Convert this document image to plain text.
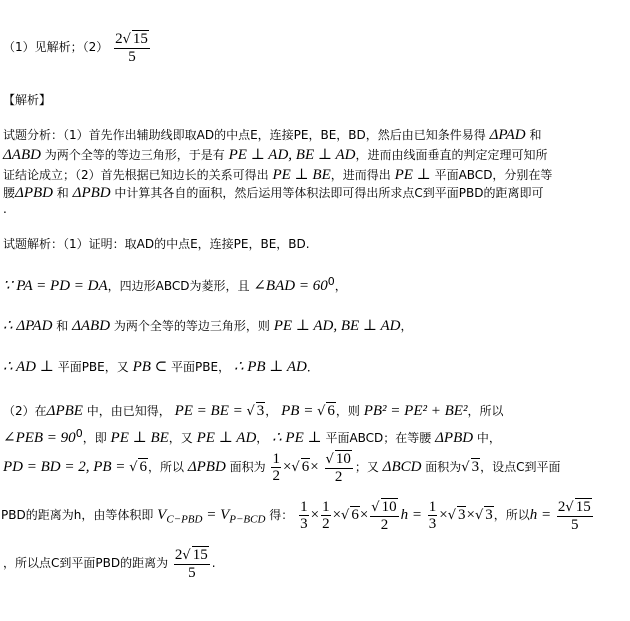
（1）见解析；$(2) \frac{2√ 15}{5}$
【解析】
试题分析：（1）首先作出辅助线即取AD的中点E，连接PE，BE，BD，然后由已知条件易得 ΔPAD 和
ΔABD 为两个全等的等边三角形，于是有 PE ⊥ AD, BE ⊥ AD，进而由线面垂直的判定定理可知所
证结论成立；（2）首先根据已知边长的关系可得出 PE ⊥ BE，进而得出 PE ⊥ 平面ABCD，分别在等
腰ΔPBD 和 ΔPBD 中计算其各自的面积，然后运用等体积法即可得出所求点C到平面PBD的距离即可
.
试题解析：（1）证明：取AD的中点E，连接PE，BE，BD.
∵ PA = PD = DA，四边形ABCD为菱形，且 ∠BAD = $60^0$，
∴ ΔPAD 和 ΔABD 为两个全等的等边三角形，则 PE ⊥ AD, BE ⊥ AD，
∴ AD ⊥ 平面PBE，又 PB ⊂ 平面PBE， ∴ PB ⊥ AD．
（2）在ΔPBE 中，由已知得， PE = BE = √ 3， PB = √ 6，则 PB² = PE² + BE²，所以
∠PEB = $90^0$，即 PE ⊥ BE，又 PE ⊥ AD， ∴ PE ⊥ 平面ABCD；在等腰 ΔPBD 中，
PD = BD = 2, PB = √ 6，所以 ΔPBD 面积为 $\frac{1}{2}$ ×√ $6\times \frac{√ 10}{2}$ ；又 ΔBCD 面积为√ 3，设点C到平面
PBD的距离为h，由等体积即 $V_{C-PBD} = V_{P-BCD}$ 得： $\frac{1}{3} \times \frac{1}{2}$ ×√ $6\times \frac{√ 10}{2}$ $h = \frac{1}{3}$ ×√ 3×√ 3，所以$h = \frac{2√ 15}{5}$
，所以点C到平面PBD的距离为 $\frac{2√ 15}{5}$ .
